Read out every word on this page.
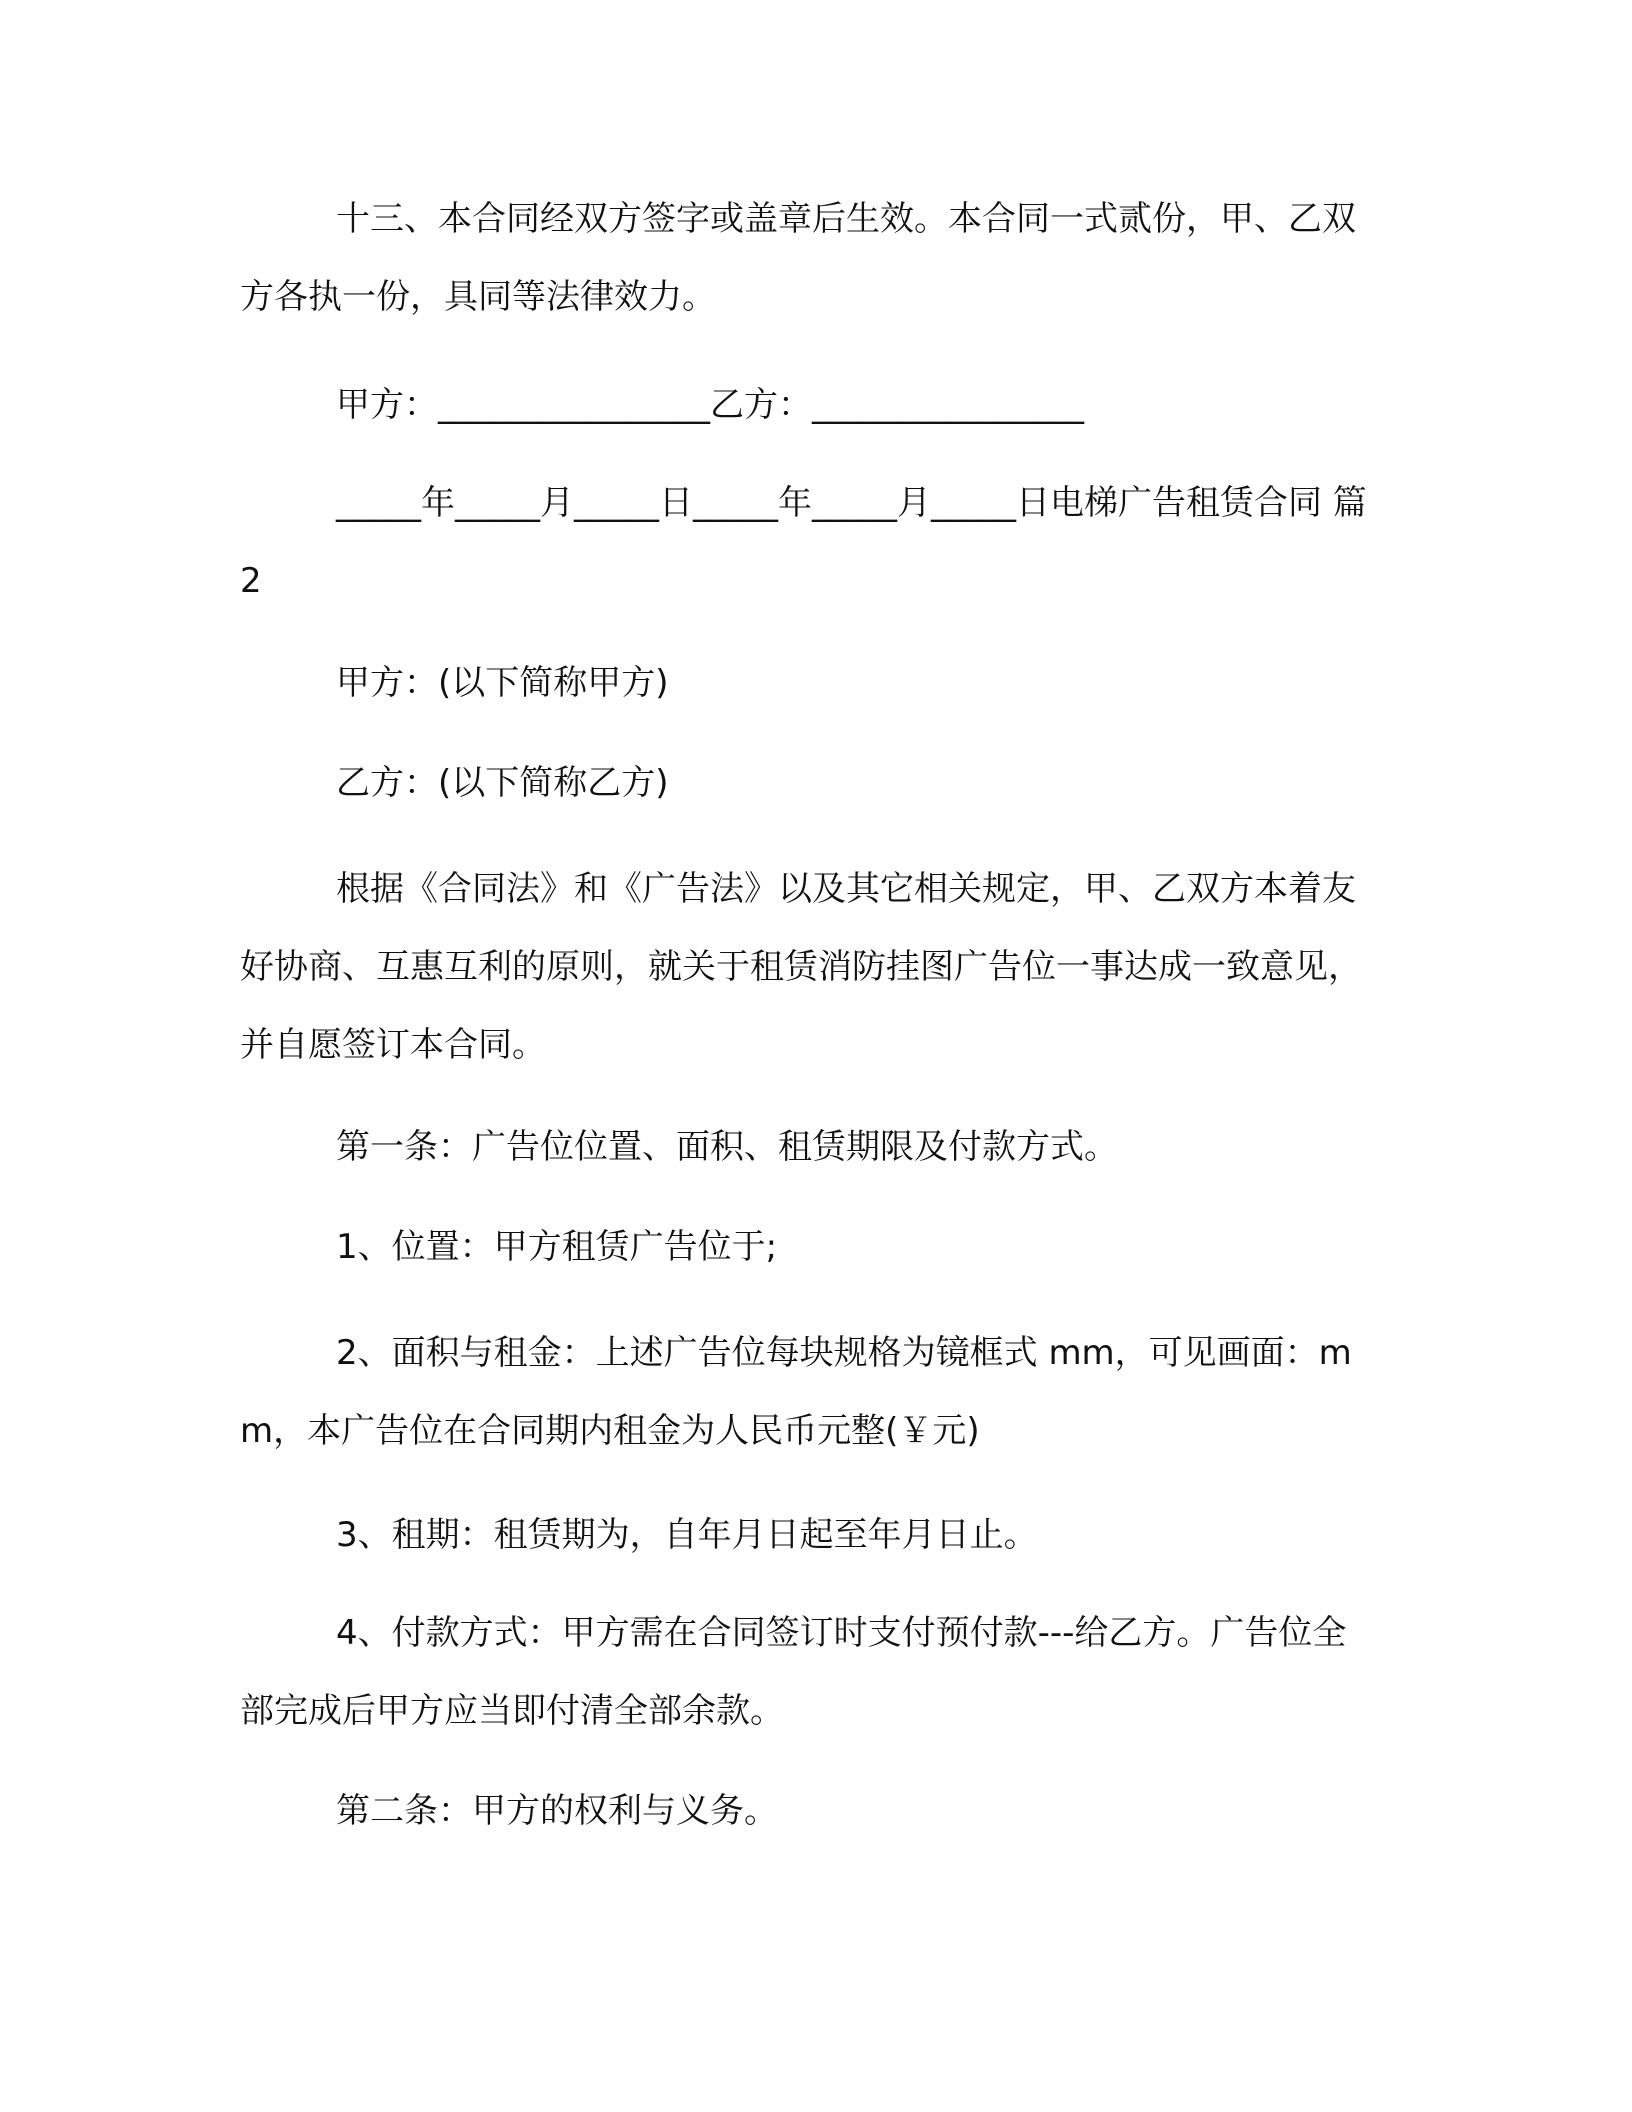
十三、本合同经双方签字或盖章后生效。本合同一式贰份，甲、乙双方各执一份，具同等法律效力。

甲方：________________乙方：________________

_____年_____月_____日_____年_____月_____日电梯广告租赁合同 篇 2

甲方：(以下简称甲方)

乙方：(以下简称乙方)

根据《合同法》和《广告法》以及其它相关规定，甲、乙双方本着友好协商、互惠互利的原则，就关于租赁消防挂图广告位一事达成一致意见，并自愿签订本合同。

第一条：广告位位置、面积、租赁期限及付款方式。

1、位置：甲方租赁广告位于;

2、面积与租金：上述广告位每块规格为镜框式 mm，可见画面：mm，本广告位在合同期内租金为人民币元整(￥元)

3、租期：租赁期为，自年月日起至年月日止。

4、付款方式：甲方需在合同签订时支付预付款---给乙方。广告位全部完成后甲方应当即付清全部余款。

第二条：甲方的权利与义务。
